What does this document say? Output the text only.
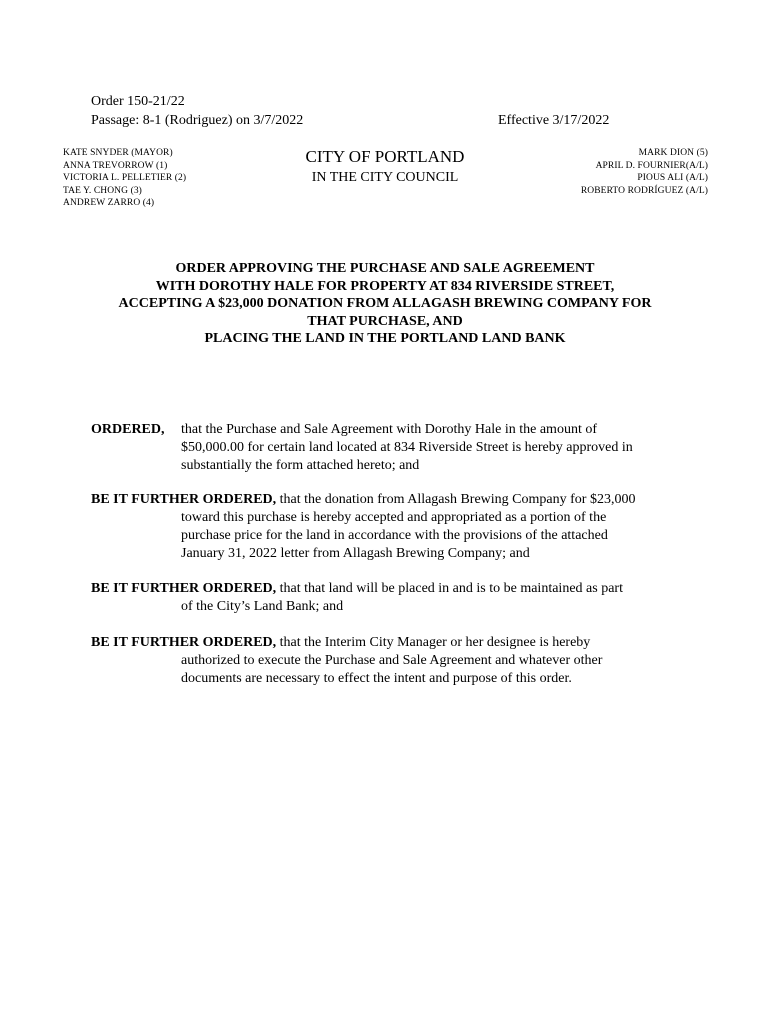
Order 150-21/22
Passage: 8-1 (Rodriguez) on 3/7/2022	Effective 3/17/2022
KATE SNYDER (MAYOR)
ANNA TREVORROW (1)
VICTORIA L. PELLETIER (2)
TAE Y. CHONG (3)
ANDREW ZARRO (4)
CITY OF PORTLAND
IN THE CITY COUNCIL
MARK DION (5)
APRIL D. FOURNIER(A/L)
PIOUS ALI (A/L)
ROBERTO RODRÍGUEZ (A/L)
ORDER APPROVING THE PURCHASE AND SALE AGREEMENT
WITH DOROTHY HALE FOR PROPERTY AT 834 RIVERSIDE STREET,
ACCEPTING A $23,000 DONATION FROM ALLAGASH BREWING COMPANY FOR
THAT PURCHASE, AND
PLACING THE LAND IN THE PORTLAND LAND BANK
ORDERED, that the Purchase and Sale Agreement with Dorothy Hale in the amount of
$50,000.00 for certain land located at 834 Riverside Street is hereby approved in
substantially the form attached hereto; and
BE IT FURTHER ORDERED, that the donation from Allagash Brewing Company for $23,000
toward this purchase is hereby accepted and appropriated as a portion of the
purchase price for the land in accordance with the provisions of the attached
January 31, 2022 letter from Allagash Brewing Company; and
BE IT FURTHER ORDERED, that that land will be placed in and is to be maintained as part
of the City’s Land Bank; and
BE IT FURTHER ORDERED, that the Interim City Manager or her designee is hereby
authorized to execute the Purchase and Sale Agreement and whatever other
documents are necessary to effect the intent and purpose of this order.
